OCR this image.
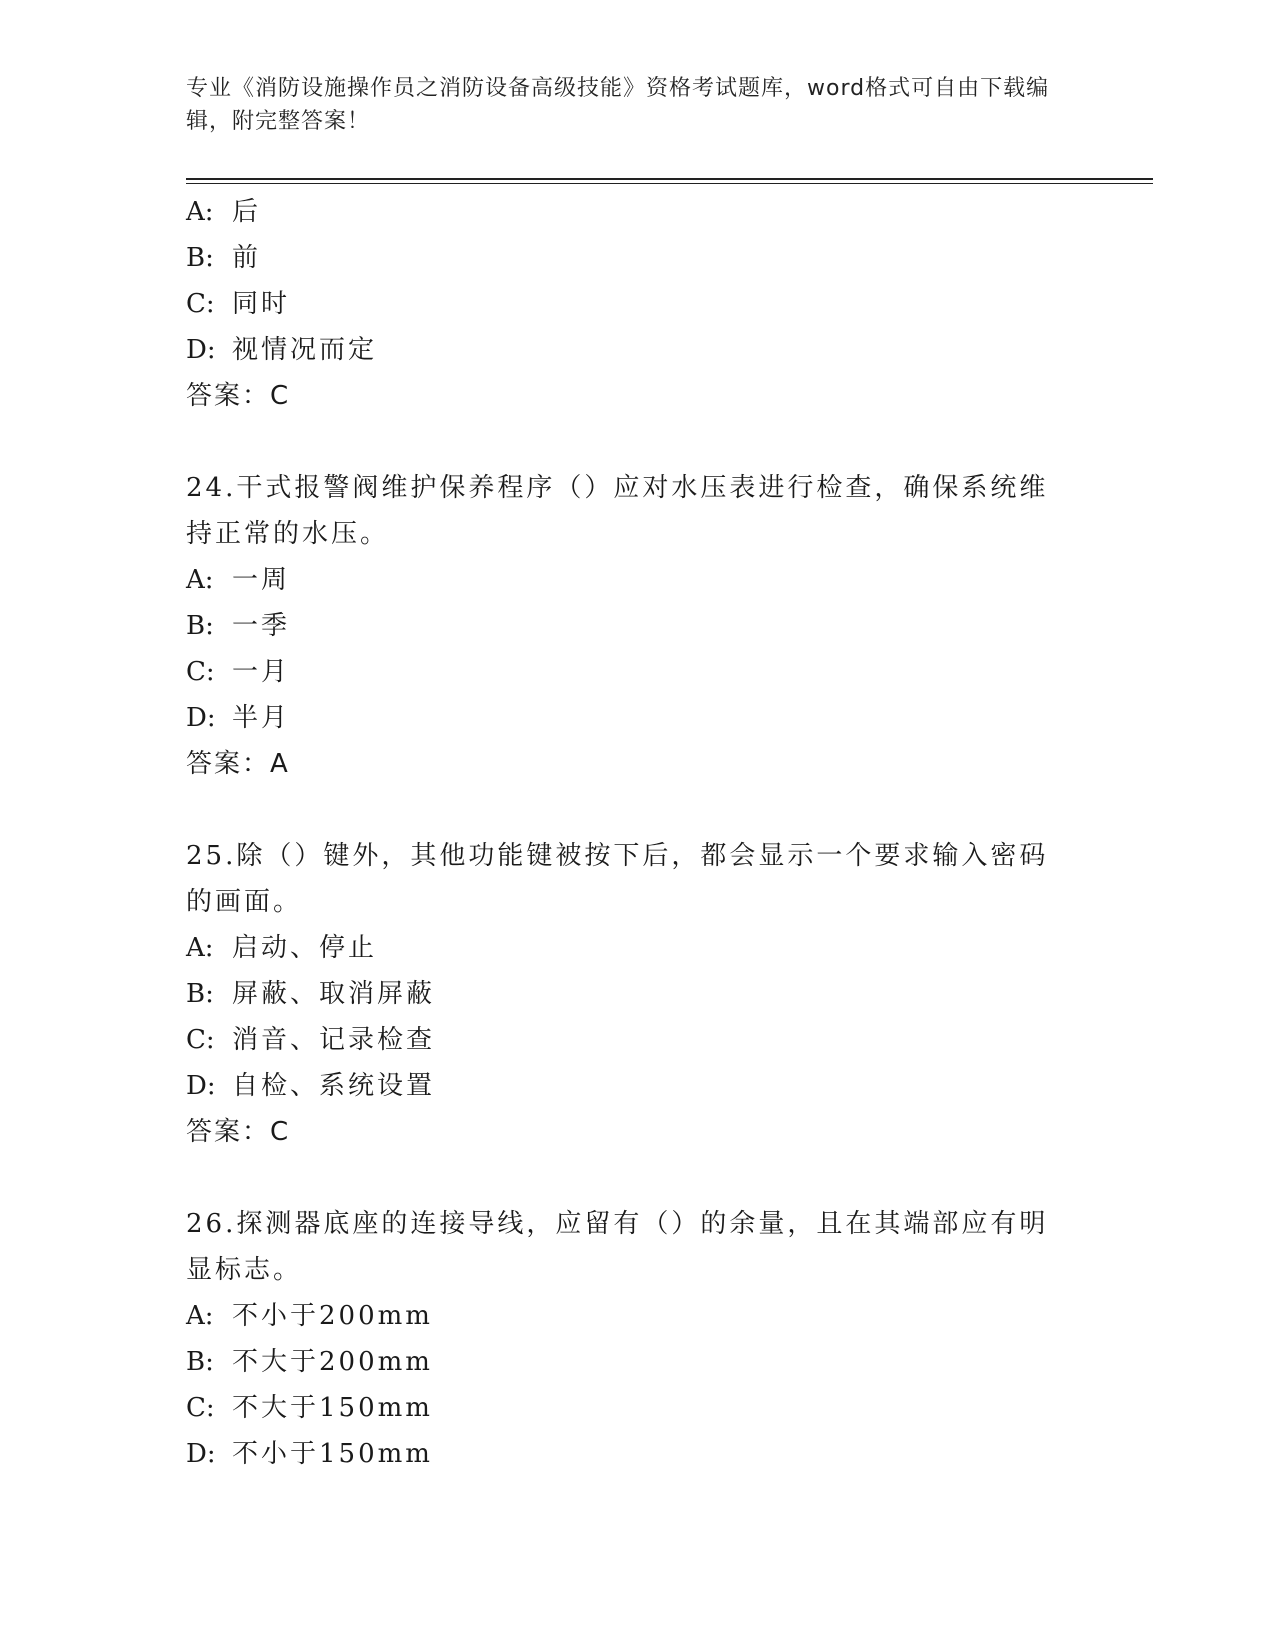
专业《消防设施操作员之消防设备高级技能》资格考试题库，word格式可自由下载编辑，附完整答案！
A: 后
B: 前
C: 同时
D: 视情况而定
答案：C
24.干式报警阀维护保养程序（）应对水压表进行检查，确保系统维持正常的水压。
A: 一周
B: 一季
C: 一月
D: 半月
答案：A
25.除（）键外，其他功能键被按下后，都会显示一个要求输入密码的画面。
A: 启动、停止
B: 屏蔽、取消屏蔽
C: 消音、记录检查
D: 自检、系统设置
答案：C
26.探测器底座的连接导线，应留有（）的余量，且在其端部应有明显标志。
A: 不小于200mm
B: 不大于200mm
C: 不大于150mm
D: 不小于150mm
